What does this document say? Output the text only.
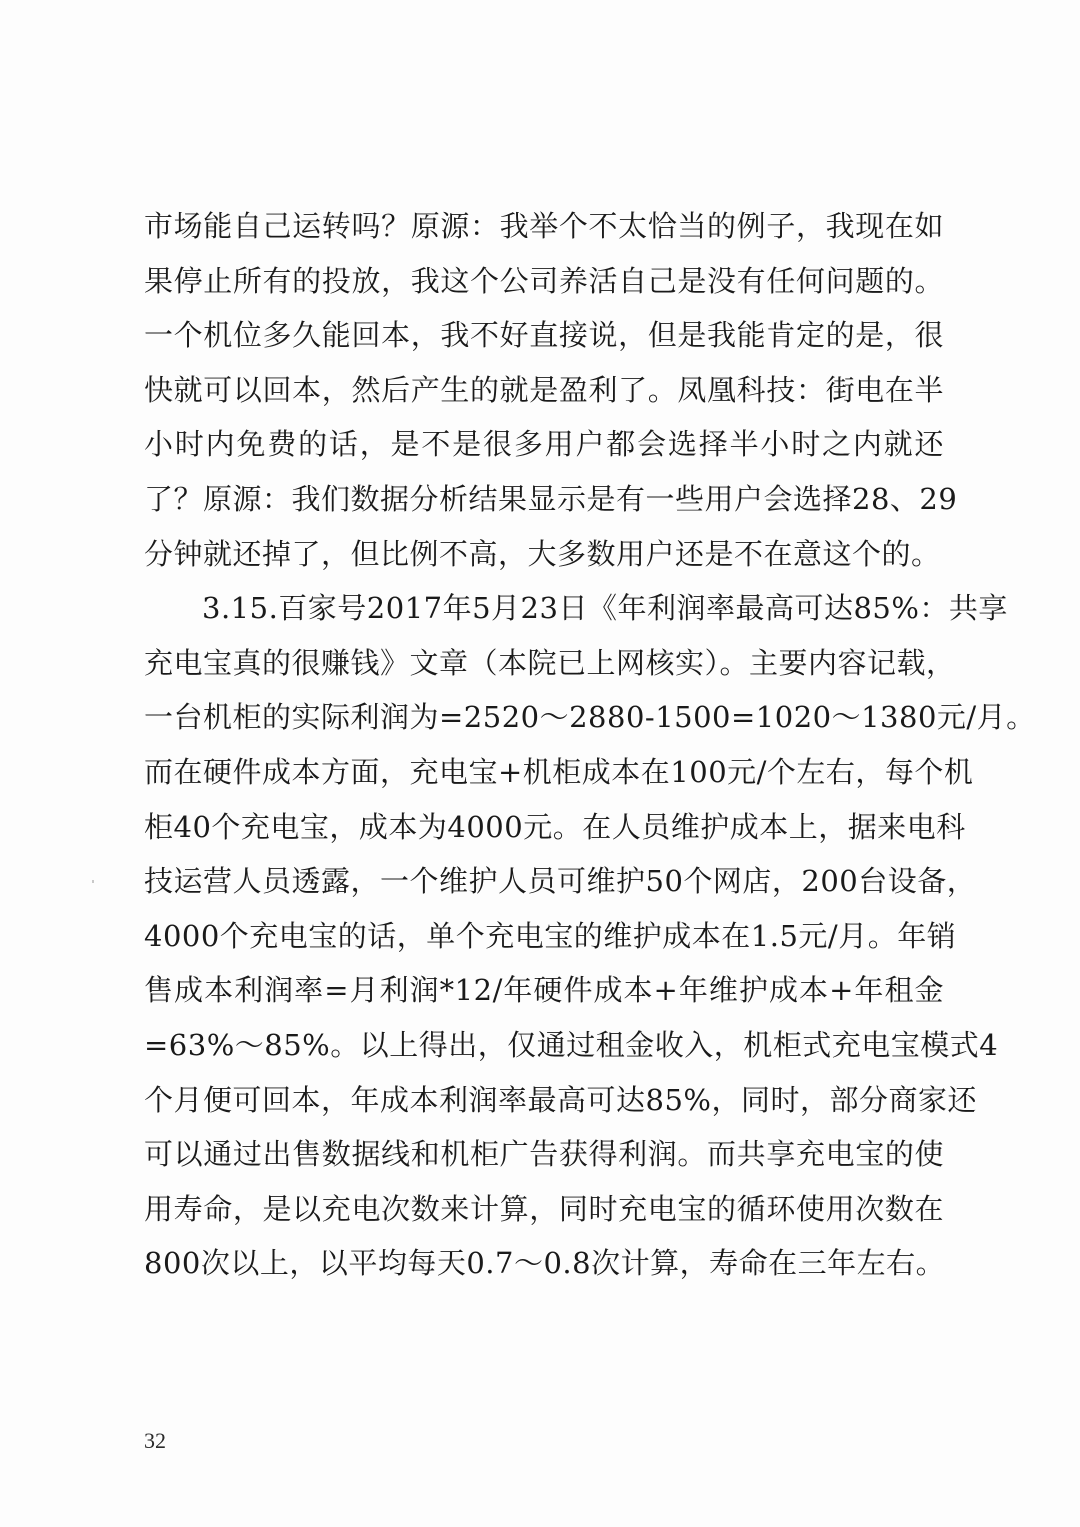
市场能自己运转吗？原源：我举个不太恰当的例子，我现在如
果停止所有的投放，我这个公司养活自己是没有任何问题的。
一个机位多久能回本，我不好直接说，但是我能肯定的是，很
快就可以回本，然后产生的就是盈利了。凤凰科技：街电在半
小时内免费的话，是不是很多用户都会选择半小时之内就还
了？原源：我们数据分析结果显示是有一些用户会选择28、29
分钟就还掉了，但比例不高，大多数用户还是不在意这个的。
3.15.百家号2017年5月23日《年利润率最高可达85%：共享
充电宝真的很赚钱》文章（本院已上网核实）。主要内容记载，
一台机柜的实际利润为=2520～2880-1500=1020～1380元/月。
而在硬件成本方面，充电宝+机柜成本在100元/个左右，每个机
柜40个充电宝，成本为4000元。在人员维护成本上，据来电科
技运营人员透露，一个维护人员可维护50个网店，200台设备，
4000个充电宝的话，单个充电宝的维护成本在1.5元/月。年销
售成本利润率=月利润*12/年硬件成本+年维护成本+年租金
=63%～85%。以上得出，仅通过租金收入，机柜式充电宝模式4
个月便可回本，年成本利润率最高可达85%，同时，部分商家还
可以通过出售数据线和机柜广告获得利润。而共享充电宝的使
用寿命，是以充电次数来计算，同时充电宝的循环使用次数在
800次以上，以平均每天0.7～0.8次计算，寿命在三年左右。
32
